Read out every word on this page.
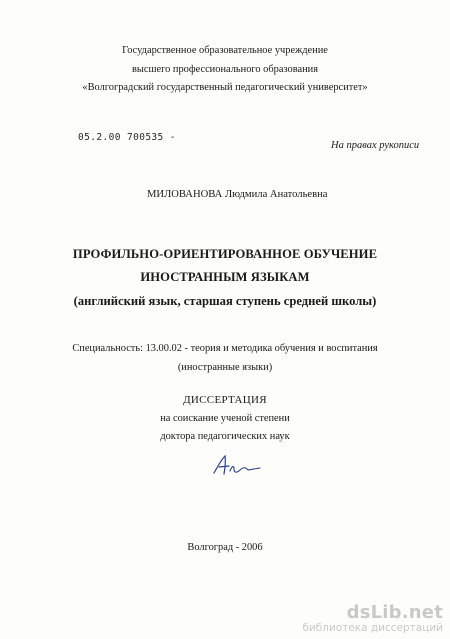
Государственное образовательное учреждение
высшего профессионального образования
«Волгоградский государственный педагогический университет»
05.2.00 700535 -
На правах рукописи
МИЛОВАНОВА Людмила Анатольевна
ПРОФИЛЬНО-ОРИЕНТИРОВАННОЕ ОБУЧЕНИЕ
ИНОСТРАННЫМ ЯЗЫКАМ
(английский язык, старшая ступень средней школы)
Специальность: 13.00.02 - теория и методика обучения и воспитания
(иностранные языки)
ДИССЕРТАЦИЯ
на соискание ученой степени
доктора педагогических наук
Волгоград - 2006
dsLib.net
библиотека диссертаций
